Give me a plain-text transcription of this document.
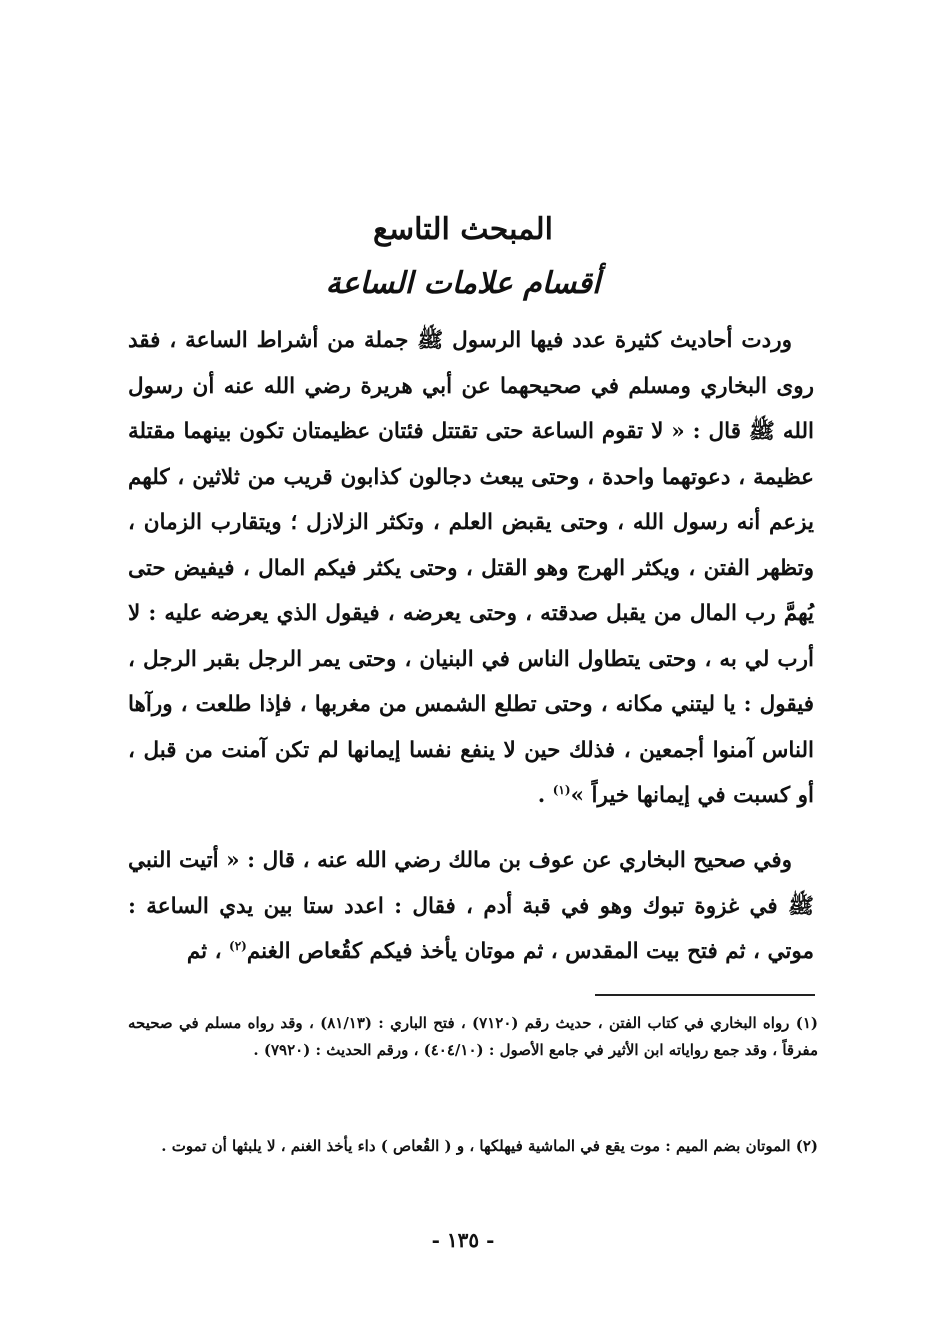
المبحث التاسع
أقسام علامات الساعة

وردت أحاديث كثيرة عدد فيها الرسول ﷺ جملة من أشراط الساعة ، فقد روى البخاري ومسلم في صحيحهما عن أبي هريرة رضي الله عنه أن رسول الله ﷺ قال : « لا تقوم الساعة حتى تقتتل فئتان عظيمتان تكون بينهما مقتلة عظيمة ، دعوتهما واحدة ، وحتى يبعث دجالون كذابون قريب من ثلاثين ، كلهم يزعم أنه رسول الله ، وحتى يقبض العلم ، وتكثر الزلازل ؛ ويتقارب الزمان ، وتظهر الفتن ، ويكثر الهرج وهو القتل ، وحتى يكثر فيكم المال ، فيفيض حتى يُهمَّ رب المال من يقبل صدقته ، وحتى يعرضه ، فيقول الذي يعرضه عليه : لا أرب لي به ، وحتى يتطاول الناس في البنيان ، وحتى يمر الرجل بقبر الرجل ، فيقول : يا ليتني مكانه ، وحتى تطلع الشمس من مغربها ، فإذا طلعت ، ورآها الناس آمنوا أجمعين ، فذلك حين لا ينفع نفسا إيمانها لم تكن آمنت من قبل ، أو كسبت في إيمانها خيراً »$^{(١)}$ .

وفي صحيح البخاري عن عوف بن مالك رضي الله عنه ، قال : « أتيت النبي ﷺ في غزوة تبوك وهو في قبة أدم ، فقال : اعدد ستا بين يدي الساعة : موتي ، ثم فتح بيت المقدس ، ثم موتان يأخذ فيكم كقُعاص الغنم$^{(٢)}$ ، ثم

(١) رواه البخاري في كتاب الفتن ، حديث رقم (٧١٢٠) ، فتح الباري : (٨١/١٣) ، وقد رواه مسلم في صحيحه مفرقاً ، وقد جمع رواياته ابن الأثير في جامع الأصول : (٤٠٤/١٠) ، ورقم الحديث : (٧٩٢٠) .

(٢) الموتان بضم الميم : موت يقع في الماشية فيهلكها ، و ( القُعاص ) داء يأخذ الغنم ، لا يلبثها أن تموت .

- ١٣٥ -
